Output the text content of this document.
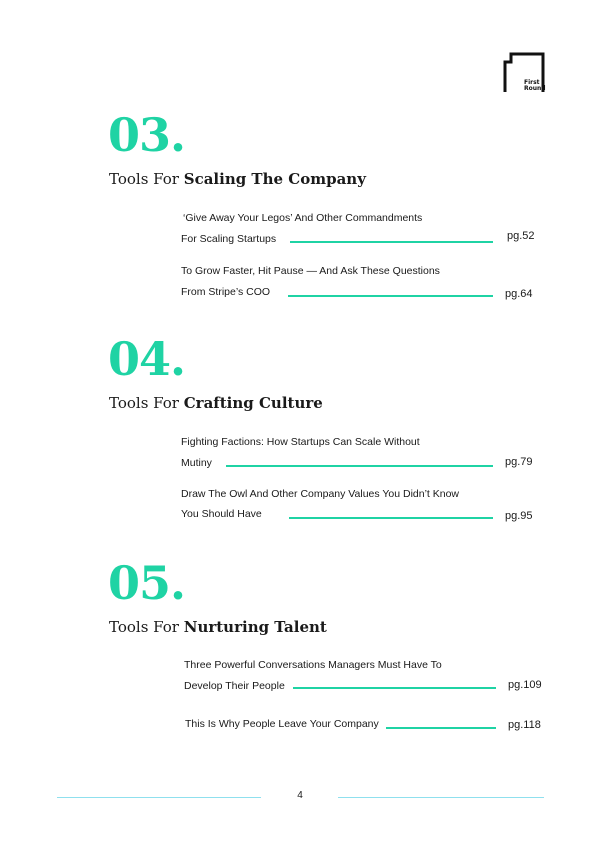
First
Round
03.
Tools For Scaling The Company
‘Give Away Your Legos’ And Other Commandments
For Scaling Startups	pg.52
To Grow Faster, Hit Pause — And Ask These Questions
From Stripe’s COO	pg.64
04.
Tools For Crafting Culture
Fighting Factions: How Startups Can Scale Without
Mutiny	pg.79
Draw The Owl And Other Company Values You Didn’t Know
You Should Have	pg.95
05.
Tools For Nurturing Talent
Three Powerful Conversations Managers Must Have To
Develop Their People	pg.109
This Is Why People Leave Your Company	pg.118
4
